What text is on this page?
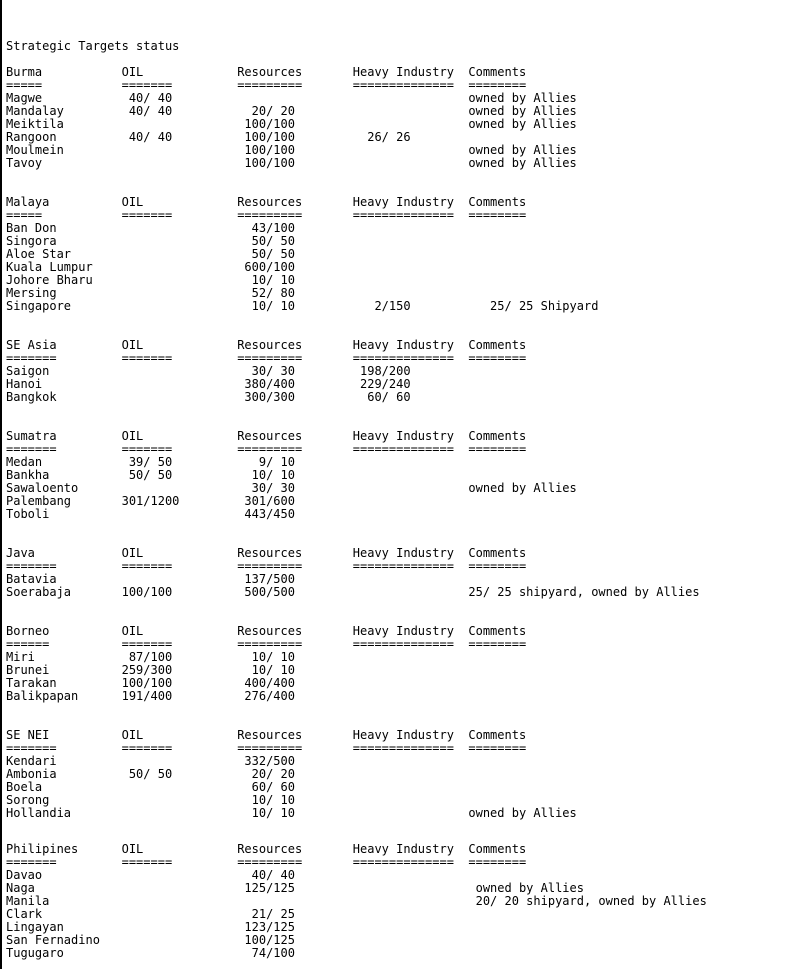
Strategic Targets status
Burma           OIL             Resources       Heavy Industry  Comments
=====           =======         =========       ==============  ========
Magwe            40/ 40                                         owned by Allies
Mandalay         40/ 40           20/ 20                        owned by Allies
Meiktila                         100/100                        owned by Allies
Rangoon          40/ 40          100/100          26/ 26
Moulmein                         100/100                        owned by Allies
Tavoy                            100/100                        owned by Allies
Malaya          OIL             Resources       Heavy Industry  Comments
=====           =======         =========       ==============  ========
Ban Don                           43/100
Singora                           50/ 50
Aloe Star                         50/ 50
Kuala Lumpur                     600/100
Johore Bharu                      10/ 10
Mersing                           52/ 80
Singapore                         10/ 10           2/150           25/ 25 Shipyard
SE Asia         OIL             Resources       Heavy Industry  Comments
=======         =======         =========       ==============  ========
Saigon                            30/ 30         198/200
Hanoi                            380/400         229/240
Bangkok                          300/300          60/ 60
Sumatra         OIL             Resources       Heavy Industry  Comments
=======         =======         =========       ==============  ========
Medan            39/ 50            9/ 10
Bankha           50/ 50           10/ 10
Sawaloento                        30/ 30                        owned by Allies
Palembang       301/1200         301/600
Toboli                           443/450
Java            OIL             Resources       Heavy Industry  Comments
=======         =======         =========       ==============  ========
Batavia                          137/500
Soerabaja       100/100          500/500                        25/ 25 shipyard, owned by Allies
Borneo          OIL             Resources       Heavy Industry  Comments
======          =======         =========       ==============  ========
Miri             87/100           10/ 10
Brunei          259/300           10/ 10
Tarakan         100/100          400/400
Balikpapan      191/400          276/400
SE NEI          OIL             Resources       Heavy Industry  Comments
=======         =======         =========       ==============  ========
Kendari                          332/500
Ambonia          50/ 50           20/ 20
Boela                             60/ 60
Sorong                            10/ 10
Hollandia                         10/ 10                        owned by Allies
Philipines      OIL             Resources       Heavy Industry  Comments
=======         =======         =========       ==============  ========
Davao                             40/ 40
Naga                             125/125                         owned by Allies
Manila                                                           20/ 20 shipyard, owned by Allies
Clark                             21/ 25
Lingayan                         123/125
San Fernadino                    100/125
Tugugaro                          74/100
